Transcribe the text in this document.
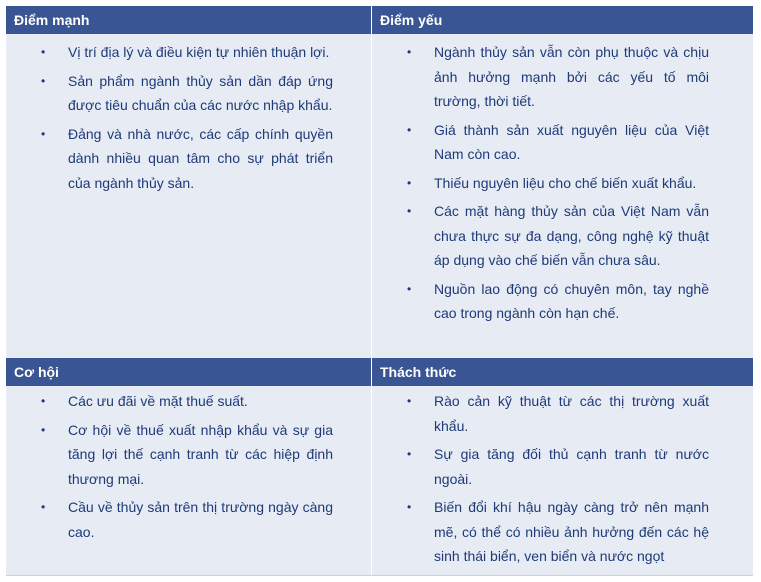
Điểm mạnh	Điểm yếu
Cơ hội	Thách thức
• Vị trí địa lý và điều kiện tự nhiên thuận lợi.
• Sản phẩm ngành thủy sản dần đáp ứng được tiêu chuẩn của các nước nhập khẩu.
• Đảng và nhà nước, các cấp chính quyền dành nhiều quan tâm cho sự phát triển của ngành thủy sản.
• Ngành thủy sản vẫn còn phụ thuộc và chịu ảnh hưởng mạnh bởi các yếu tố môi trường, thời tiết.
• Giá thành sản xuất nguyên liệu của Việt Nam còn cao.
• Thiếu nguyên liệu cho chế biến xuất khẩu.
• Các mặt hàng thủy sản của Việt Nam vẫn chưa thực sự đa dạng, công nghệ kỹ thuật áp dụng vào chế biến vẫn chưa sâu.
• Nguồn lao động có chuyên môn, tay nghề cao trong ngành còn hạn chế.
• Các ưu đãi về mặt thuế suất.
• Cơ hội về thuế xuất nhập khẩu và sự gia tăng lợi thế cạnh tranh từ các hiệp định thương mại.
• Cầu về thủy sản trên thị trường ngày càng cao.
• Rào cản kỹ thuật từ các thị trường xuất khẩu.
• Sự gia tăng đối thủ cạnh tranh từ nước ngoài.
• Biến đổi khí hậu ngày càng trở nên mạnh mẽ, có thể có nhiều ảnh hưởng đến các hệ sinh thái biển, ven biển và nước ngọt
